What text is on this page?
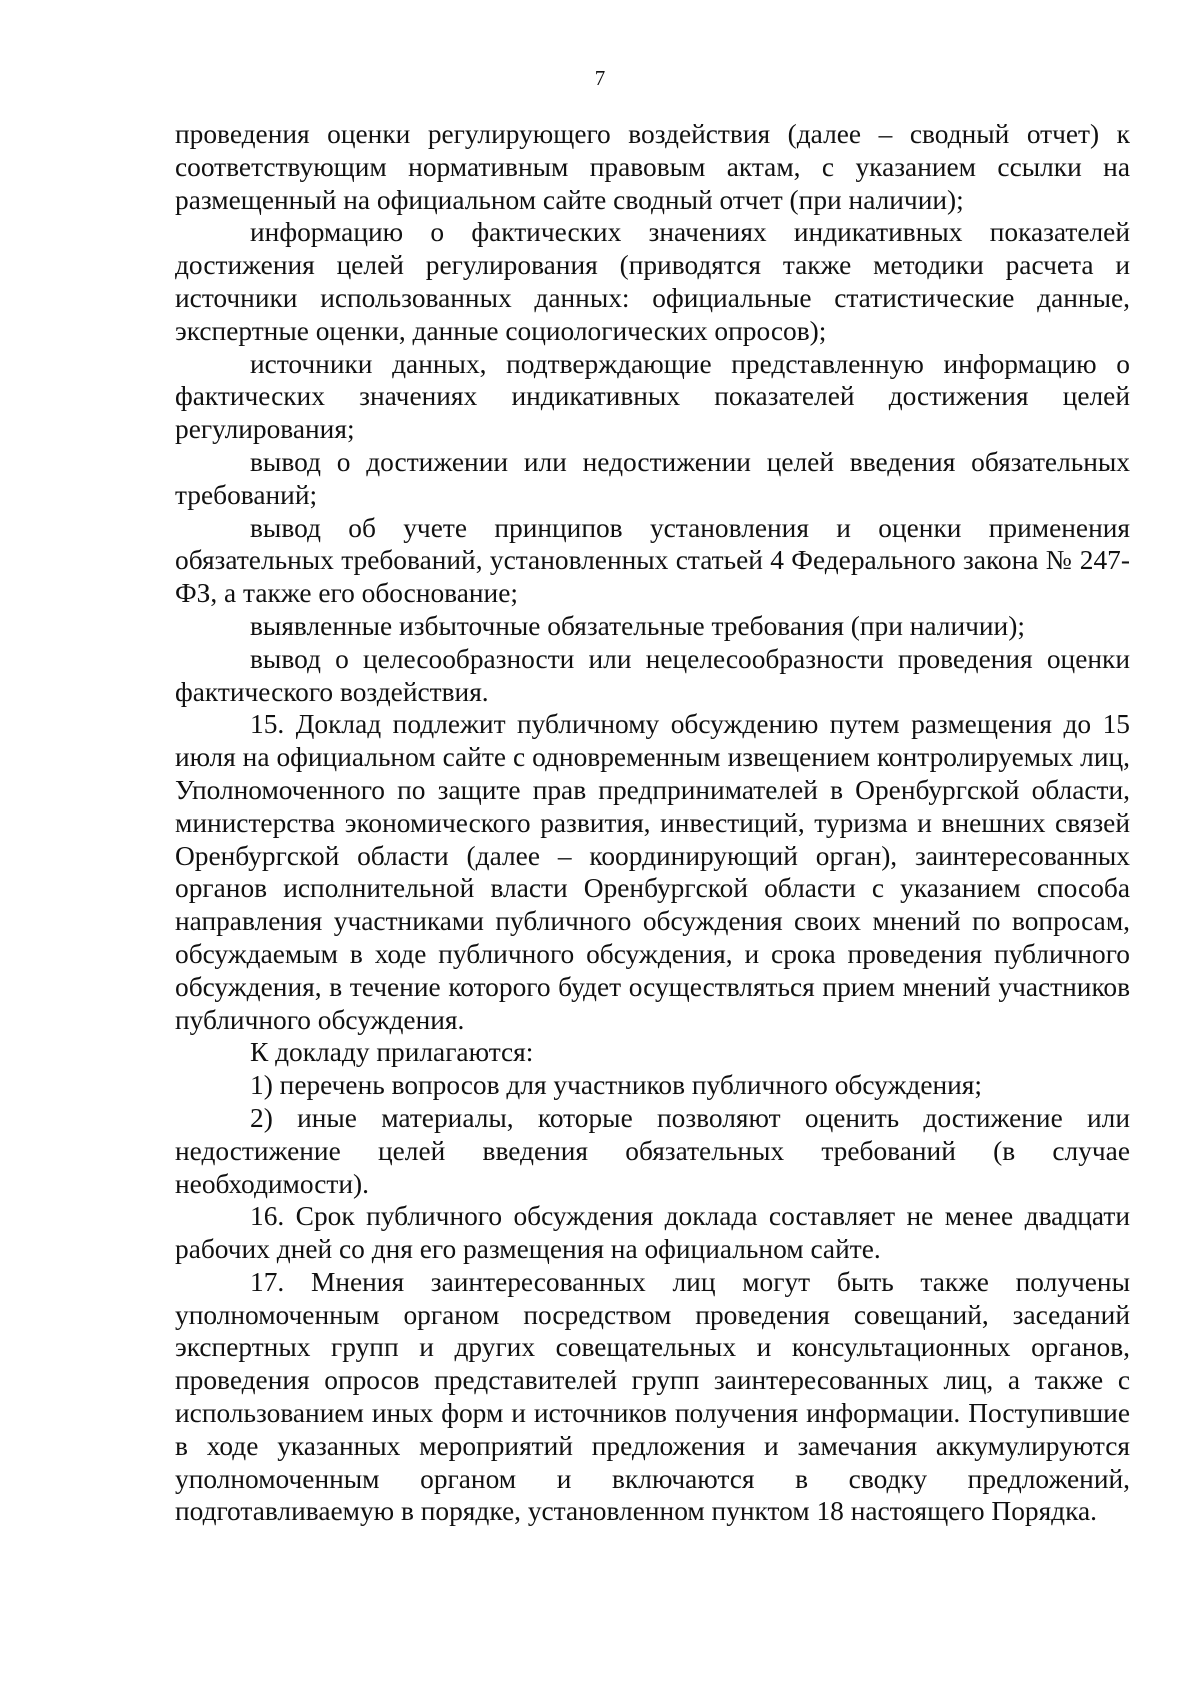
7

проведения оценки регулирующего воздействия (далее – сводный отчет) к соответствующим нормативным правовым актам, с указанием ссылки на размещенный на официальном сайте сводный отчет (при наличии);

информацию о фактических значениях индикативных показателей достижения целей регулирования (приводятся также методики расчета и источники использованных данных: официальные статистические данные, экспертные оценки, данные социологических опросов);

источники данных, подтверждающие представленную информацию о фактических значениях индикативных показателей достижения целей регулирования;

вывод о достижении или недостижении целей введения обязательных требований;

вывод об учете принципов установления и оценки применения обязательных требований, установленных статьей 4 Федерального закона № 247-ФЗ, а также его обоснование;

выявленные избыточные обязательные требования (при наличии);

вывод о целесообразности или нецелесообразности проведения оценки фактического воздействия.

15. Доклад подлежит публичному обсуждению путем размещения до 15 июля на официальном сайте с одновременным извещением контролируемых лиц, Уполномоченного по защите прав предпринимателей в Оренбургской области, министерства экономического развития, инвестиций, туризма и внешних связей Оренбургской области (далее – координирующий орган), заинтересованных органов исполнительной власти Оренбургской области с указанием способа направления участниками публичного обсуждения своих мнений по вопросам, обсуждаемым в ходе публичного обсуждения, и срока проведения публичного обсуждения, в течение которого будет осуществляться прием мнений участников публичного обсуждения.

К докладу прилагаются:

1) перечень вопросов для участников публичного обсуждения;

2) иные материалы, которые позволяют оценить достижение или недостижение целей введения обязательных требований (в случае необходимости).

16. Срок публичного обсуждения доклада составляет не менее двадцати рабочих дней со дня его размещения на официальном сайте.

17. Мнения заинтересованных лиц могут быть также получены уполномоченным органом посредством проведения совещаний, заседаний экспертных групп и других совещательных и консультационных органов, проведения опросов представителей групп заинтересованных лиц, а также с использованием иных форм и источников получения информации. Поступившие в ходе указанных мероприятий предложения и замечания аккумулируются уполномоченным органом и включаются в сводку предложений, подготавливаемую в порядке, установленном пунктом 18 настоящего Порядка.
